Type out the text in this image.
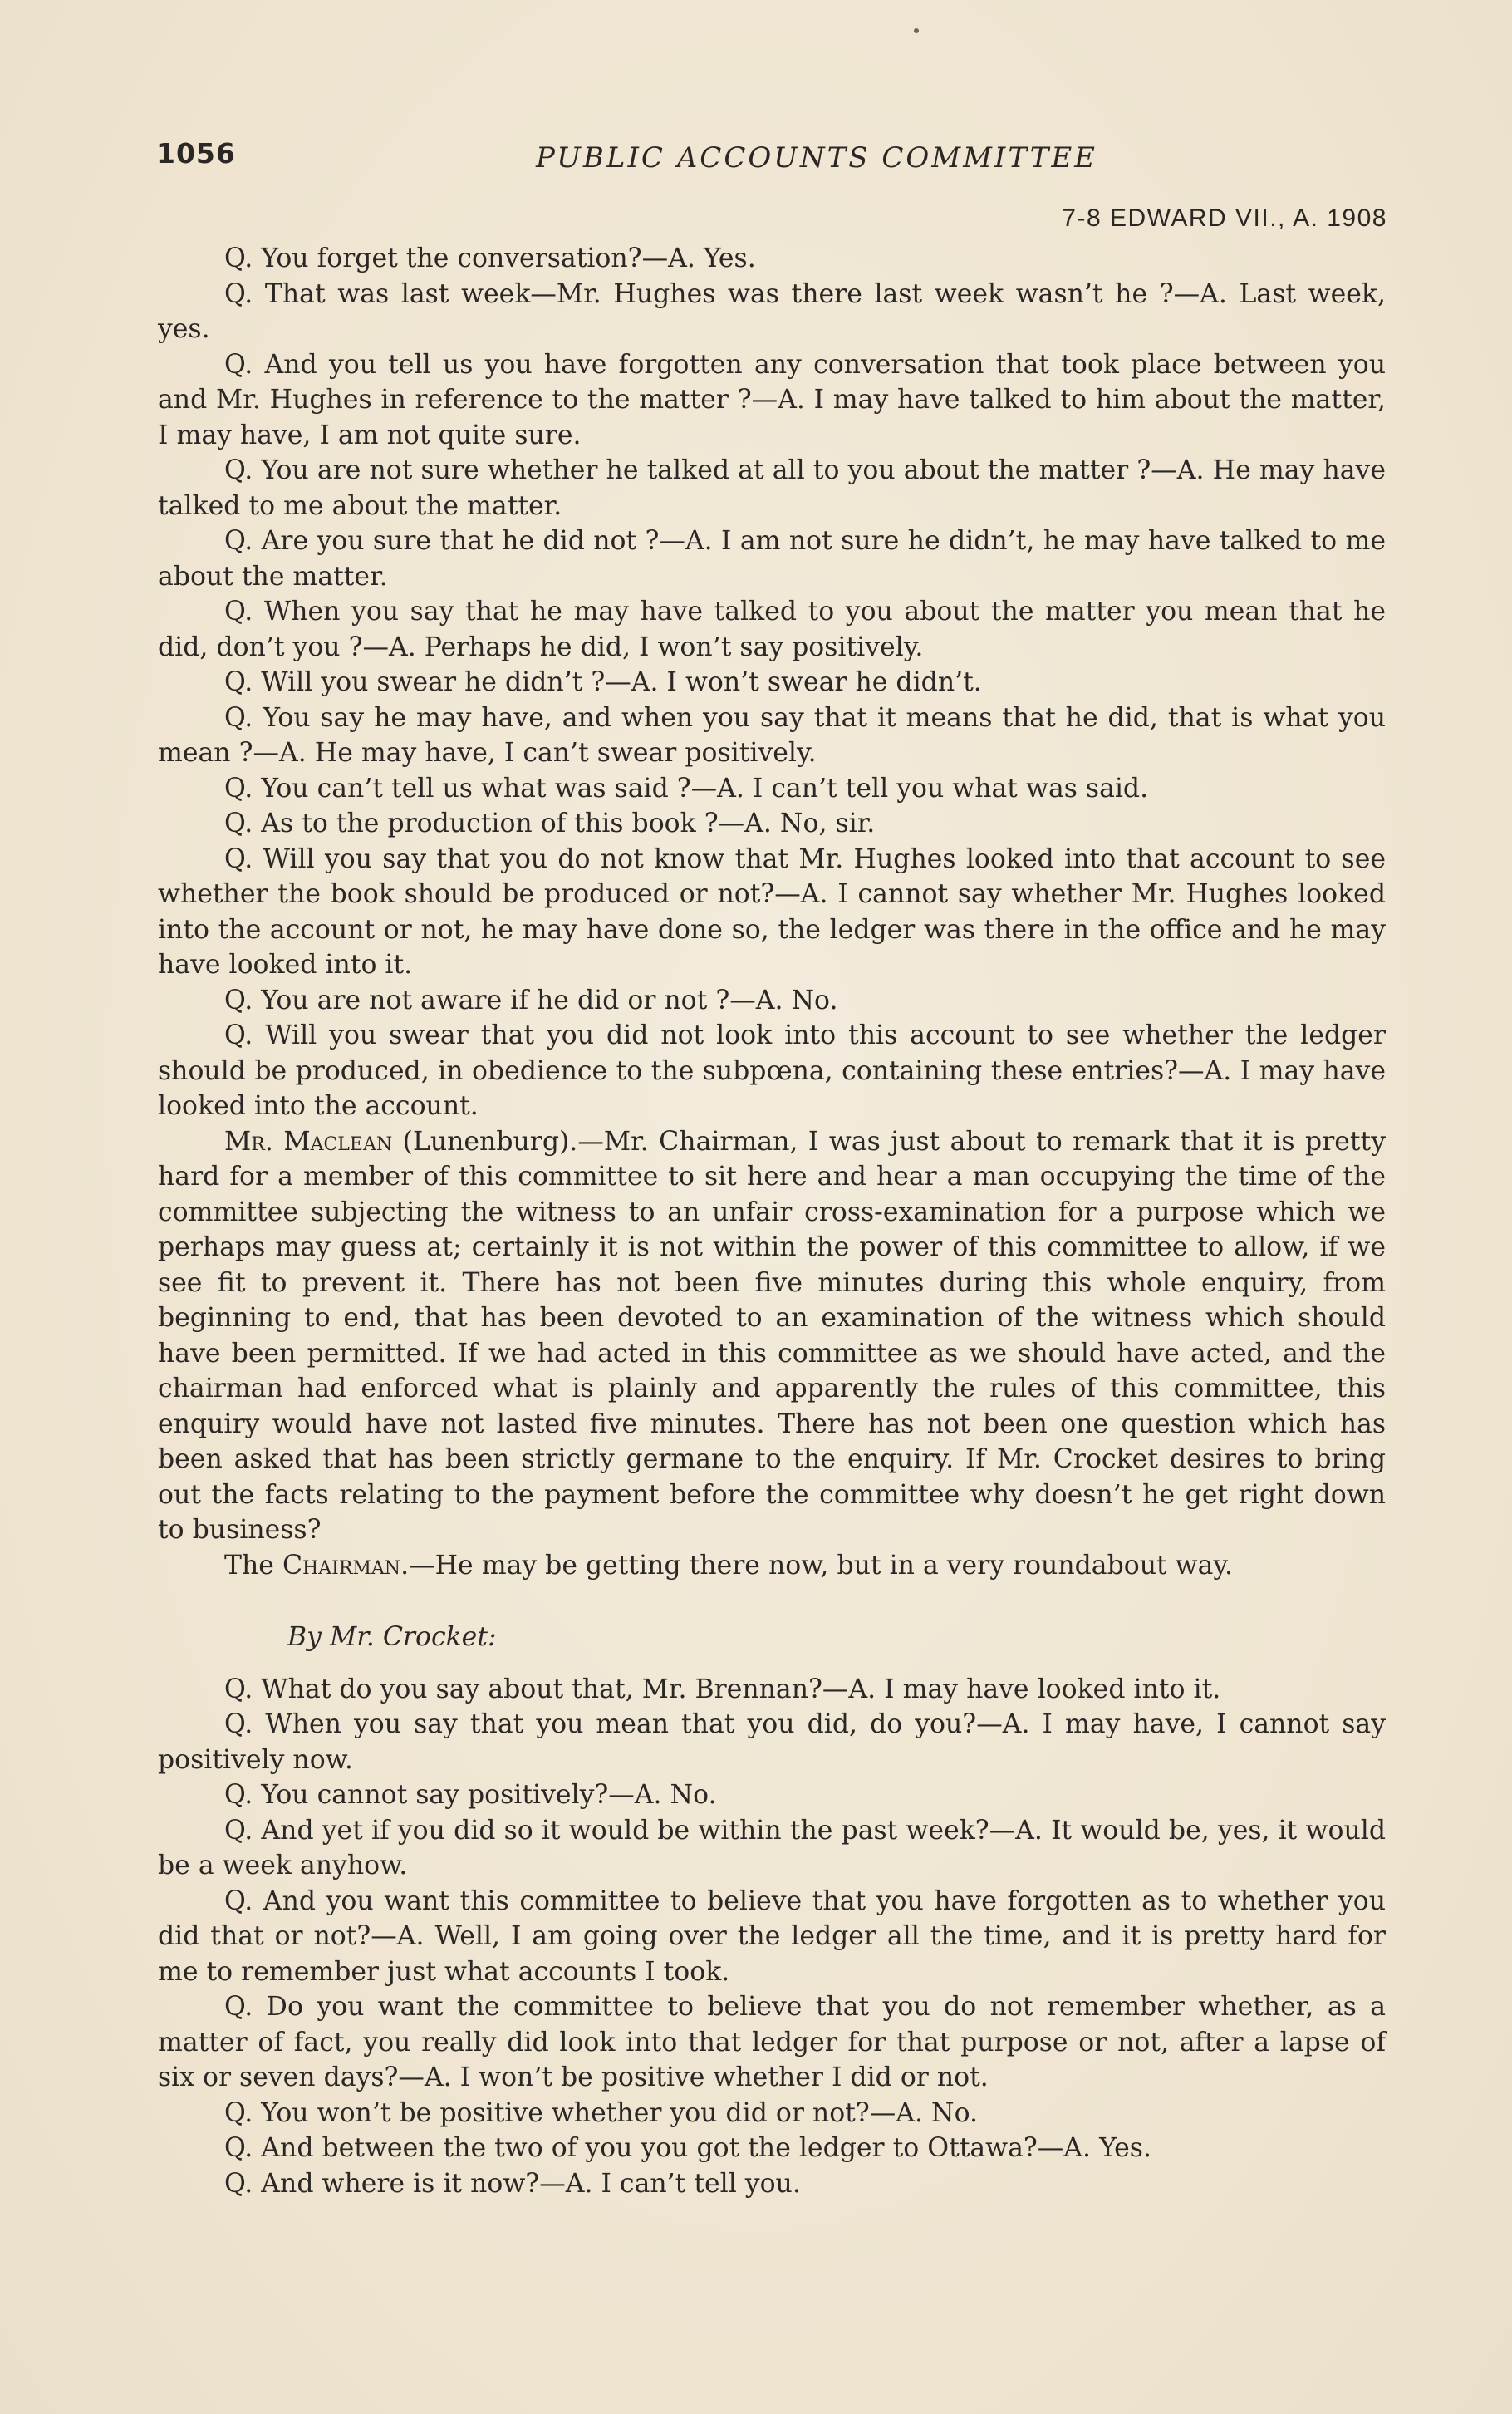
1056	PUBLIC ACCOUNTS COMMITTEE
7-8 EDWARD VII., A. 1908

Q. You forget the conversation?—A. Yes.

Q. That was last week—Mr. Hughes was there last week wasn’t he ?—A. Last week, yes.

Q. And you tell us you have forgotten any conversation that took place between you and Mr. Hughes in reference to the matter ?—A. I may have talked to him about the matter, I may have, I am not quite sure.

Q. You are not sure whether he talked at all to you about the matter ?—A. He may have talked to me about the matter.

Q. Are you sure that he did not ?—A. I am not sure he didn’t, he may have talked to me about the matter.

Q. When you say that he may have talked to you about the matter you mean that he did, don’t you ?—A. Perhaps he did, I won’t say positively.

Q. Will you swear he didn’t ?—A. I won’t swear he didn’t.

Q. You say he may have, and when you say that it means that he did, that is what you mean ?—A. He may have, I can’t swear positively.

Q. You can’t tell us what was said ?—A. I can’t tell you what was said.

Q. As to the production of this book ?—A. No, sir.

Q. Will you say that you do not know that Mr. Hughes looked into that account to see whether the book should be produced or not?—A. I cannot say whether Mr. Hughes looked into the account or not, he may have done so, the ledger was there in the office and he may have looked into it.

Q. You are not aware if he did or not ?—A. No.

Q. Will you swear that you did not look into this account to see whether the ledger should be produced, in obedience to the subpœna, containing these entries?—A. I may have looked into the account.

Mr. Maclean (Lunenburg).—Mr. Chairman, I was just about to remark that it is pretty hard for a member of this committee to sit here and hear a man occupying the time of the committee subjecting the witness to an unfair cross-examination for a purpose which we perhaps may guess at; certainly it is not within the power of this committee to allow, if we see fit to prevent it. There has not been five minutes during this whole enquiry, from beginning to end, that has been devoted to an examination of the witness which should have been permitted. If we had acted in this committee as we should have acted, and the chairman had enforced what is plainly and apparently the rules of this committee, this enquiry would have not lasted five minutes. There has not been one question which has been asked that has been strictly germane to the enquiry. If Mr. Crocket desires to bring out the facts relating to the payment before the committee why doesn’t he get right down to business?

The Chairman.—He may be getting there now, but in a very roundabout way.

By Mr. Crocket:

Q. What do you say about that, Mr. Brennan?—A. I may have looked into it.

Q. When you say that you mean that you did, do you?—A. I may have, I cannot say positively now.

Q. You cannot say positively?—A. No.

Q. And yet if you did so it would be within the past week?—A. It would be, yes, it would be a week anyhow.

Q. And you want this committee to believe that you have forgotten as to whether you did that or not?—A. Well, I am going over the ledger all the time, and it is pretty hard for me to remember just what accounts I took.

Q. Do you want the committee to believe that you do not remember whether, as a matter of fact, you really did look into that ledger for that purpose or not, after a lapse of six or seven days?—A. I won’t be positive whether I did or not.

Q. You won’t be positive whether you did or not?—A. No.

Q. And between the two of you you got the ledger to Ottawa?—A. Yes.

Q. And where is it now?—A. I can’t tell you.
